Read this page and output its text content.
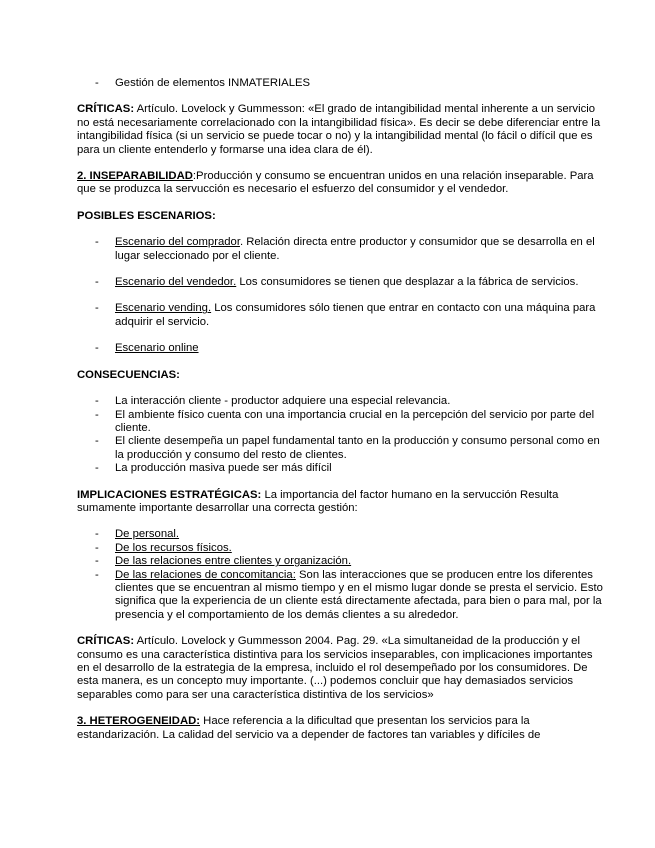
- Gestión de elementos INMATERIALES

CRÍTICAS: Artículo. Lovelock y Gummesson: «El grado de intangibilidad mental inherente a un servicio no está necesariamente correlacionado con la intangibilidad física». Es decir se debe diferenciar entre la intangibilidad física (si un servicio se puede tocar o no) y la intangibilidad mental (lo fácil o difícil que es para un cliente entenderlo y formarse una idea clara de él).

2. INSEPARABILIDAD:Producción y consumo se encuentran unidos en una relación inseparable. Para que se produzca la servucción es necesario el esfuerzo del consumidor y el vendedor.

POSIBLES ESCENARIOS:

- Escenario del comprador. Relación directa entre productor y consumidor que se desarrolla en el lugar seleccionado por el cliente.
- Escenario del vendedor. Los consumidores se tienen que desplazar a la fábrica de servicios.
- Escenario vending. Los consumidores sólo tienen que entrar en contacto con una máquina para adquirir el servicio.
- Escenario online

CONSECUENCIAS:

- La interacción cliente - productor adquiere una especial relevancia.
- El ambiente físico cuenta con una importancia crucial en la percepción del servicio por parte del cliente.
- El cliente desempeña un papel fundamental tanto en la producción y consumo personal como en la producción y consumo del resto de clientes.
- La producción masiva puede ser más difícil

IMPLICACIONES ESTRATÉGICAS: La importancia del factor humano en la servucción Resulta sumamente importante desarrollar una correcta gestión:

- De personal.
- De los recursos físicos.
- De las relaciones entre clientes y organización.
- De las relaciones de concomitancia: Son las interacciones que se producen entre los diferentes clientes que se encuentran al mismo tiempo y en el mismo lugar donde se presta el servicio. Esto significa que la experiencia de un cliente está directamente afectada, para bien o para mal, por la presencia y el comportamiento de los demás clientes a su alrededor.

CRÍTICAS: Artículo. Lovelock y Gummesson 2004. Pag. 29. «La simultaneidad de la producción y el consumo es una característica distintiva para los servicios inseparables, con implicaciones importantes en el desarrollo de la estrategia de la empresa, incluido el rol desempeñado por los consumidores. De esta manera, es un concepto muy importante. (...) podemos concluir que hay demasiados servicios separables como para ser una característica distintiva de los servicios»

3. HETEROGENEIDAD: Hace referencia a la dificultad que presentan los servicios para la estandarización. La calidad del servicio va a depender de factores tan variables y difíciles de
